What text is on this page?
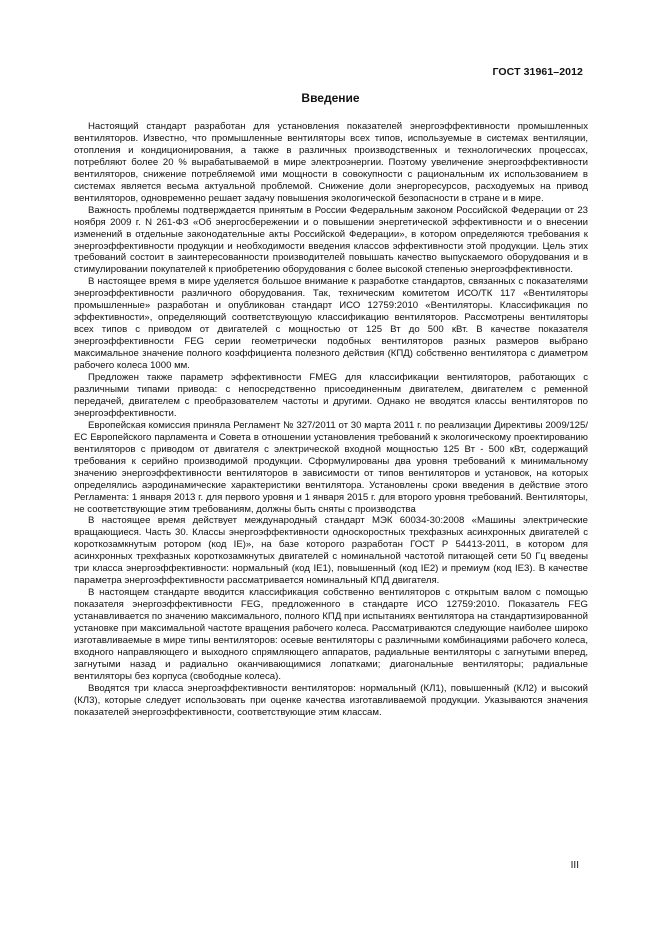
ГОСТ 31961–2012
Введение

Настоящий стандарт разработан для установления показателей энергоэффективности промышленных вентиляторов. Известно, что промышленные вентиляторы всех типов, используемые в системах вентиляции, отопления и кондиционирования, а также в различных производственных и технологических процессах, потребляют более 20 % вырабатываемой в мире электроэнергии. Поэтому увеличение энергоэффективности вентиляторов, снижение потребляемой ими мощности в совокупности с рациональным их использованием в системах является весьма актуальной проблемой. Снижение доли энергоресурсов, расходуемых на привод вентиляторов, одновременно решает задачу повышения экологической безопасности в стране и в мире.

Важность проблемы подтверждается принятым в России Федеральным законом Российской Федерации от 23 ноября 2009 г. N 261-ФЗ «Об энергосбережении и о повышении энергетической эффективности и о внесении изменений в отдельные законодательные акты Российской Федерации», в котором определяются требования к энергоэффективности продукции и необходимости введения классов эффективности этой продукции. Цель этих требований состоит в заинтересованности производителей повышать качество выпускаемого оборудования и в стимулировании покупателей к приобретению оборудования с более высокой степенью энергоэффективности.

В настоящее время в мире уделяется большое внимание к разработке стандартов, связанных с показателями энергоэффективности различного оборудования. Так, техническим комитетом ИСО/ТК 117 «Вентиляторы промышленные» разработан и опубликован стандарт ИСО 12759:2010 «Вентиляторы. Классификация по эффективности», определяющий соответствующую классификацию вентиляторов. Рассмотрены вентиляторы всех типов с приводом от двигателей с мощностью от 125 Вт до 500 кВт. В качестве показателя энергоэффективности FEG серии геометрически подобных вентиляторов разных размеров выбрано максимальное значение полного коэффициента полезного действия (КПД) собственно вентилятора с диаметром рабочего колеса 1000 мм.

Предложен также параметр эффективности FMEG для классификации вентиляторов, работающих с различными типами привода: с непосредственно присоединенным двигателем, двигателем с ременной передачей, двигателем с преобразователем частоты и другими. Однако не вводятся классы вентиляторов по энергоэффективности.

Европейская комиссия приняла Регламент № 327/2011 от 30 марта 2011 г. по реализации Директивы 2009/125/ЕС Европейского парламента и Совета в отношении установления требований к экологическому проектированию вентиляторов с приводом от двигателя с электрической входной мощностью 125 Вт - 500 кВт, содержащий требования к серийно производимой продукции. Сформулированы два уровня требований к минимальному значению энергоэффективности вентиляторов в зависимости от типов вентиляторов и установок, на которых определялись аэродинамические характеристики вентилятора. Установлены сроки введения в действие этого Регламента: 1 января 2013 г. для первого уровня и 1 января 2015 г. для второго уровня требований. Вентиляторы, не соответствующие этим требованиям, должны быть сняты с производства

В настоящее время действует международный стандарт МЭК 60034-30:2008 «Машины электрические вращающиеся. Часть 30. Классы энергоэффективности односкоростных трехфазных асинхронных двигателей с короткозамкнутым ротором (код IE)», на базе которого разработан ГОСТ Р 54413-2011, в котором для асинхронных трехфазных короткозамкнутых двигателей с номинальной частотой питающей сети 50 Гц введены три класса энергоэффективности: нормальный (код IE1), повышенный (код IE2) и премиум (код IE3). В качестве параметра энергоэффективности рассматривается номинальный КПД двигателя.

В настоящем стандарте вводится классификация собственно вентиляторов с открытым валом с помощью показателя энергоэффективности FEG, предложенного в стандарте ИСО 12759:2010. Показатель FEG устанавливается по значению максимального, полного КПД при испытаниях вентилятора на стандартизированной установке при максимальной частоте вращения рабочего колеса. Рассматриваются следующие наиболее широко изготавливаемые в мире типы вентиляторов: осевые вентиляторы с различными комбинациями рабочего колеса, входного направляющего и выходного спрямляющего аппаратов, радиальные вентиляторы с загнутыми вперед, загнутыми назад и радиально оканчивающимися лопатками; диагональные вентиляторы; радиальные вентиляторы без корпуса (свободные колеса).

Вводятся три класса энергоэффективности вентиляторов: нормальный (КЛ1), повышенный (КЛ2) и высокий (КЛ3), которые следует использовать при оценке качества изготавливаемой продукции. Указываются значения показателей энергоэффективности, соответствующие этим классам.

III
